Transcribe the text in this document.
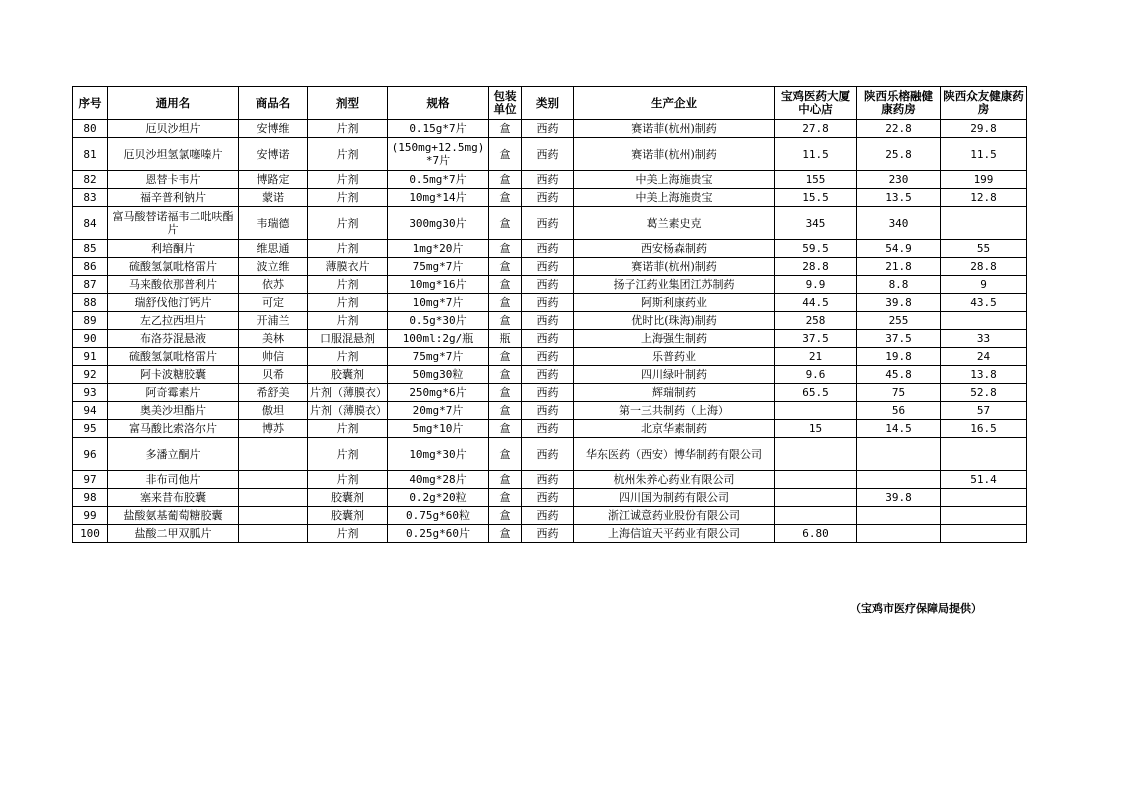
序号	通用名	商品名	剂型	规格	包装单位	类别	生产企业	宝鸡医药大厦中心店	陕西乐榕融健康药房	陕西众友健康药房
80	厄贝沙坦片	安博维	片剂	0.15g*7片	盒	西药	赛诺菲(杭州)制药	27.8	22.8	29.8
81	厄贝沙坦氢氯噻嗪片	安博诺	片剂	(150mg+12.5mg)*7片	盒	西药	赛诺菲(杭州)制药	11.5	25.8	11.5
82	恩替卡韦片	博路定	片剂	0.5mg*7片	盒	西药	中美上海施贵宝	155	230	199
83	福辛普利钠片	蒙诺	片剂	10mg*14片	盒	西药	中美上海施贵宝	15.5	13.5	12.8
84	富马酸替诺福韦二吡呋酯片	韦瑞德	片剂	300mg30片	盒	西药	葛兰素史克	345	340	
85	利培酮片	维思通	片剂	1mg*20片	盒	西药	西安杨森制药	59.5	54.9	55
86	硫酸氢氯吡格雷片	波立维	薄膜衣片	75mg*7片	盒	西药	赛诺菲(杭州)制药	28.8	21.8	28.8
87	马来酸依那普利片	依苏	片剂	10mg*16片	盒	西药	扬子江药业集团江苏制药	9.9	8.8	9
88	瑞舒伐他汀钙片	可定	片剂	10mg*7片	盒	西药	阿斯利康药业	44.5	39.8	43.5
89	左乙拉西坦片	开浦兰	片剂	0.5g*30片	盒	西药	优时比(珠海)制药	258	255	
90	布洛芬混悬液	美林	口服混悬剂	100ml:2g/瓶	瓶	西药	上海强生制药	37.5	37.5	33
91	硫酸氢氯吡格雷片	帅信	片剂	75mg*7片	盒	西药	乐普药业	21	19.8	24
92	阿卡波糖胶囊	贝希	胶囊剂	50mg30粒	盒	西药	四川绿叶制药	9.6	45.8	13.8
93	阿奇霉素片	希舒美	片剂（薄膜衣）	250mg*6片	盒	西药	辉瑞制药	65.5	75	52.8
94	奥美沙坦酯片	傲坦	片剂（薄膜衣）	20mg*7片	盒	西药	第一三共制药（上海）		56	57
95	富马酸比索洛尔片	博苏	片剂	5mg*10片	盒	西药	北京华素制药	15	14.5	16.5
96	多潘立酮片		片剂	10mg*30片	盒	西药	华东医药（西安）博华制药有限公司			
97	非布司他片		片剂	40mg*28片	盒	西药	杭州朱养心药业有限公司			51.4
98	塞来昔布胶囊		胶囊剂	0.2g*20粒	盒	西药	四川国为制药有限公司		39.8	
99	盐酸氨基葡萄糖胶囊		胶囊剂	0.75g*60粒	盒	西药	浙江诚意药业股份有限公司			
100	盐酸二甲双胍片		片剂	0.25g*60片	盒	西药	上海信谊天平药业有限公司	6.80		
（宝鸡市医疗保障局提供）
